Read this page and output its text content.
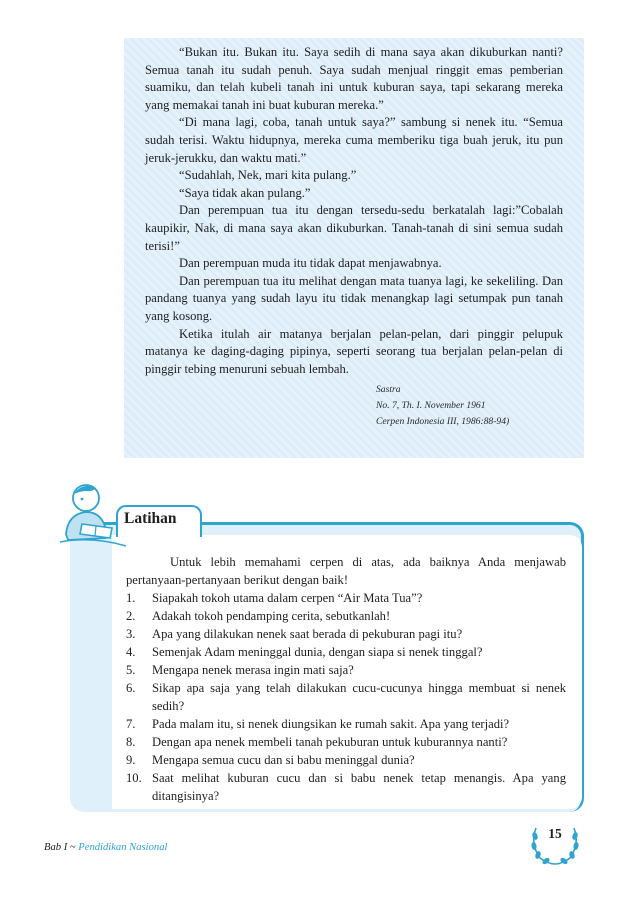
“Bukan itu. Bukan itu. Saya sedih di mana saya akan dikuburkan nanti? Semua tanah itu sudah penuh. Saya sudah menjual ringgit emas pemberian suamiku, dan telah kubeli tanah ini untuk kuburan saya, tapi sekarang mereka yang memakai tanah ini buat kuburan mereka.”

“Di mana lagi, coba, tanah untuk saya?” sambung si nenek itu. “Semua sudah terisi. Waktu hidupnya, mereka cuma memberiku tiga buah jeruk, itu pun jeruk-jerukku, dan waktu mati.”

“Sudahlah, Nek, mari kita pulang.”

“Saya tidak akan pulang.”

Dan perempuan tua itu dengan tersedu-sedu berkatalah lagi:”Cobalah kaupikir, Nak, di mana saya akan dikuburkan. Tanah-tanah di sini semua sudah terisi!”

Dan perempuan muda itu tidak dapat menjawabnya.

Dan perempuan tua itu melihat dengan mata tuanya lagi, ke sekeliling. Dan pandang tuanya yang sudah layu itu tidak menangkap lagi setumpak pun tanah yang kosong.

Ketika itulah air matanya berjalan pelan-pelan, dari pinggir pelupuk matanya ke daging-daging pipinya, seperti seorang tua berjalan pelan-pelan di pinggir tebing menuruni sebuah lembah.

Sastra
No. 7, Th. I. November 1961
Cerpen Indonesia III, 1986:88-94)
Latihan

Untuk lebih memahami cerpen di atas, ada baiknya Anda menjawab pertanyaan-pertanyaan berikut dengan baik!

1.	Siapakah tokoh utama dalam cerpen “Air Mata Tua”?
2.	Adakah tokoh pendamping cerita, sebutkanlah!
3.	Apa yang dilakukan nenek saat berada di pekuburan pagi itu?
4.	Semenjak Adam meninggal dunia, dengan siapa si nenek tinggal?
5.	Mengapa nenek merasa ingin mati saja?
6.	Sikap apa saja yang telah dilakukan cucu-cucunya hingga membuat si nenek sedih?
7.	Pada malam itu, si nenek diungsikan ke rumah sakit. Apa yang terjadi?
8.	Dengan apa nenek membeli tanah pekuburan untuk kuburannya nanti?
9.	Mengapa semua cucu dan si babu meninggal dunia?
10. Saat melihat kuburan cucu dan si babu nenek tetap menangis. Apa yang ditangisinya?
Bab I ~ Pendidikan Nasional
15
